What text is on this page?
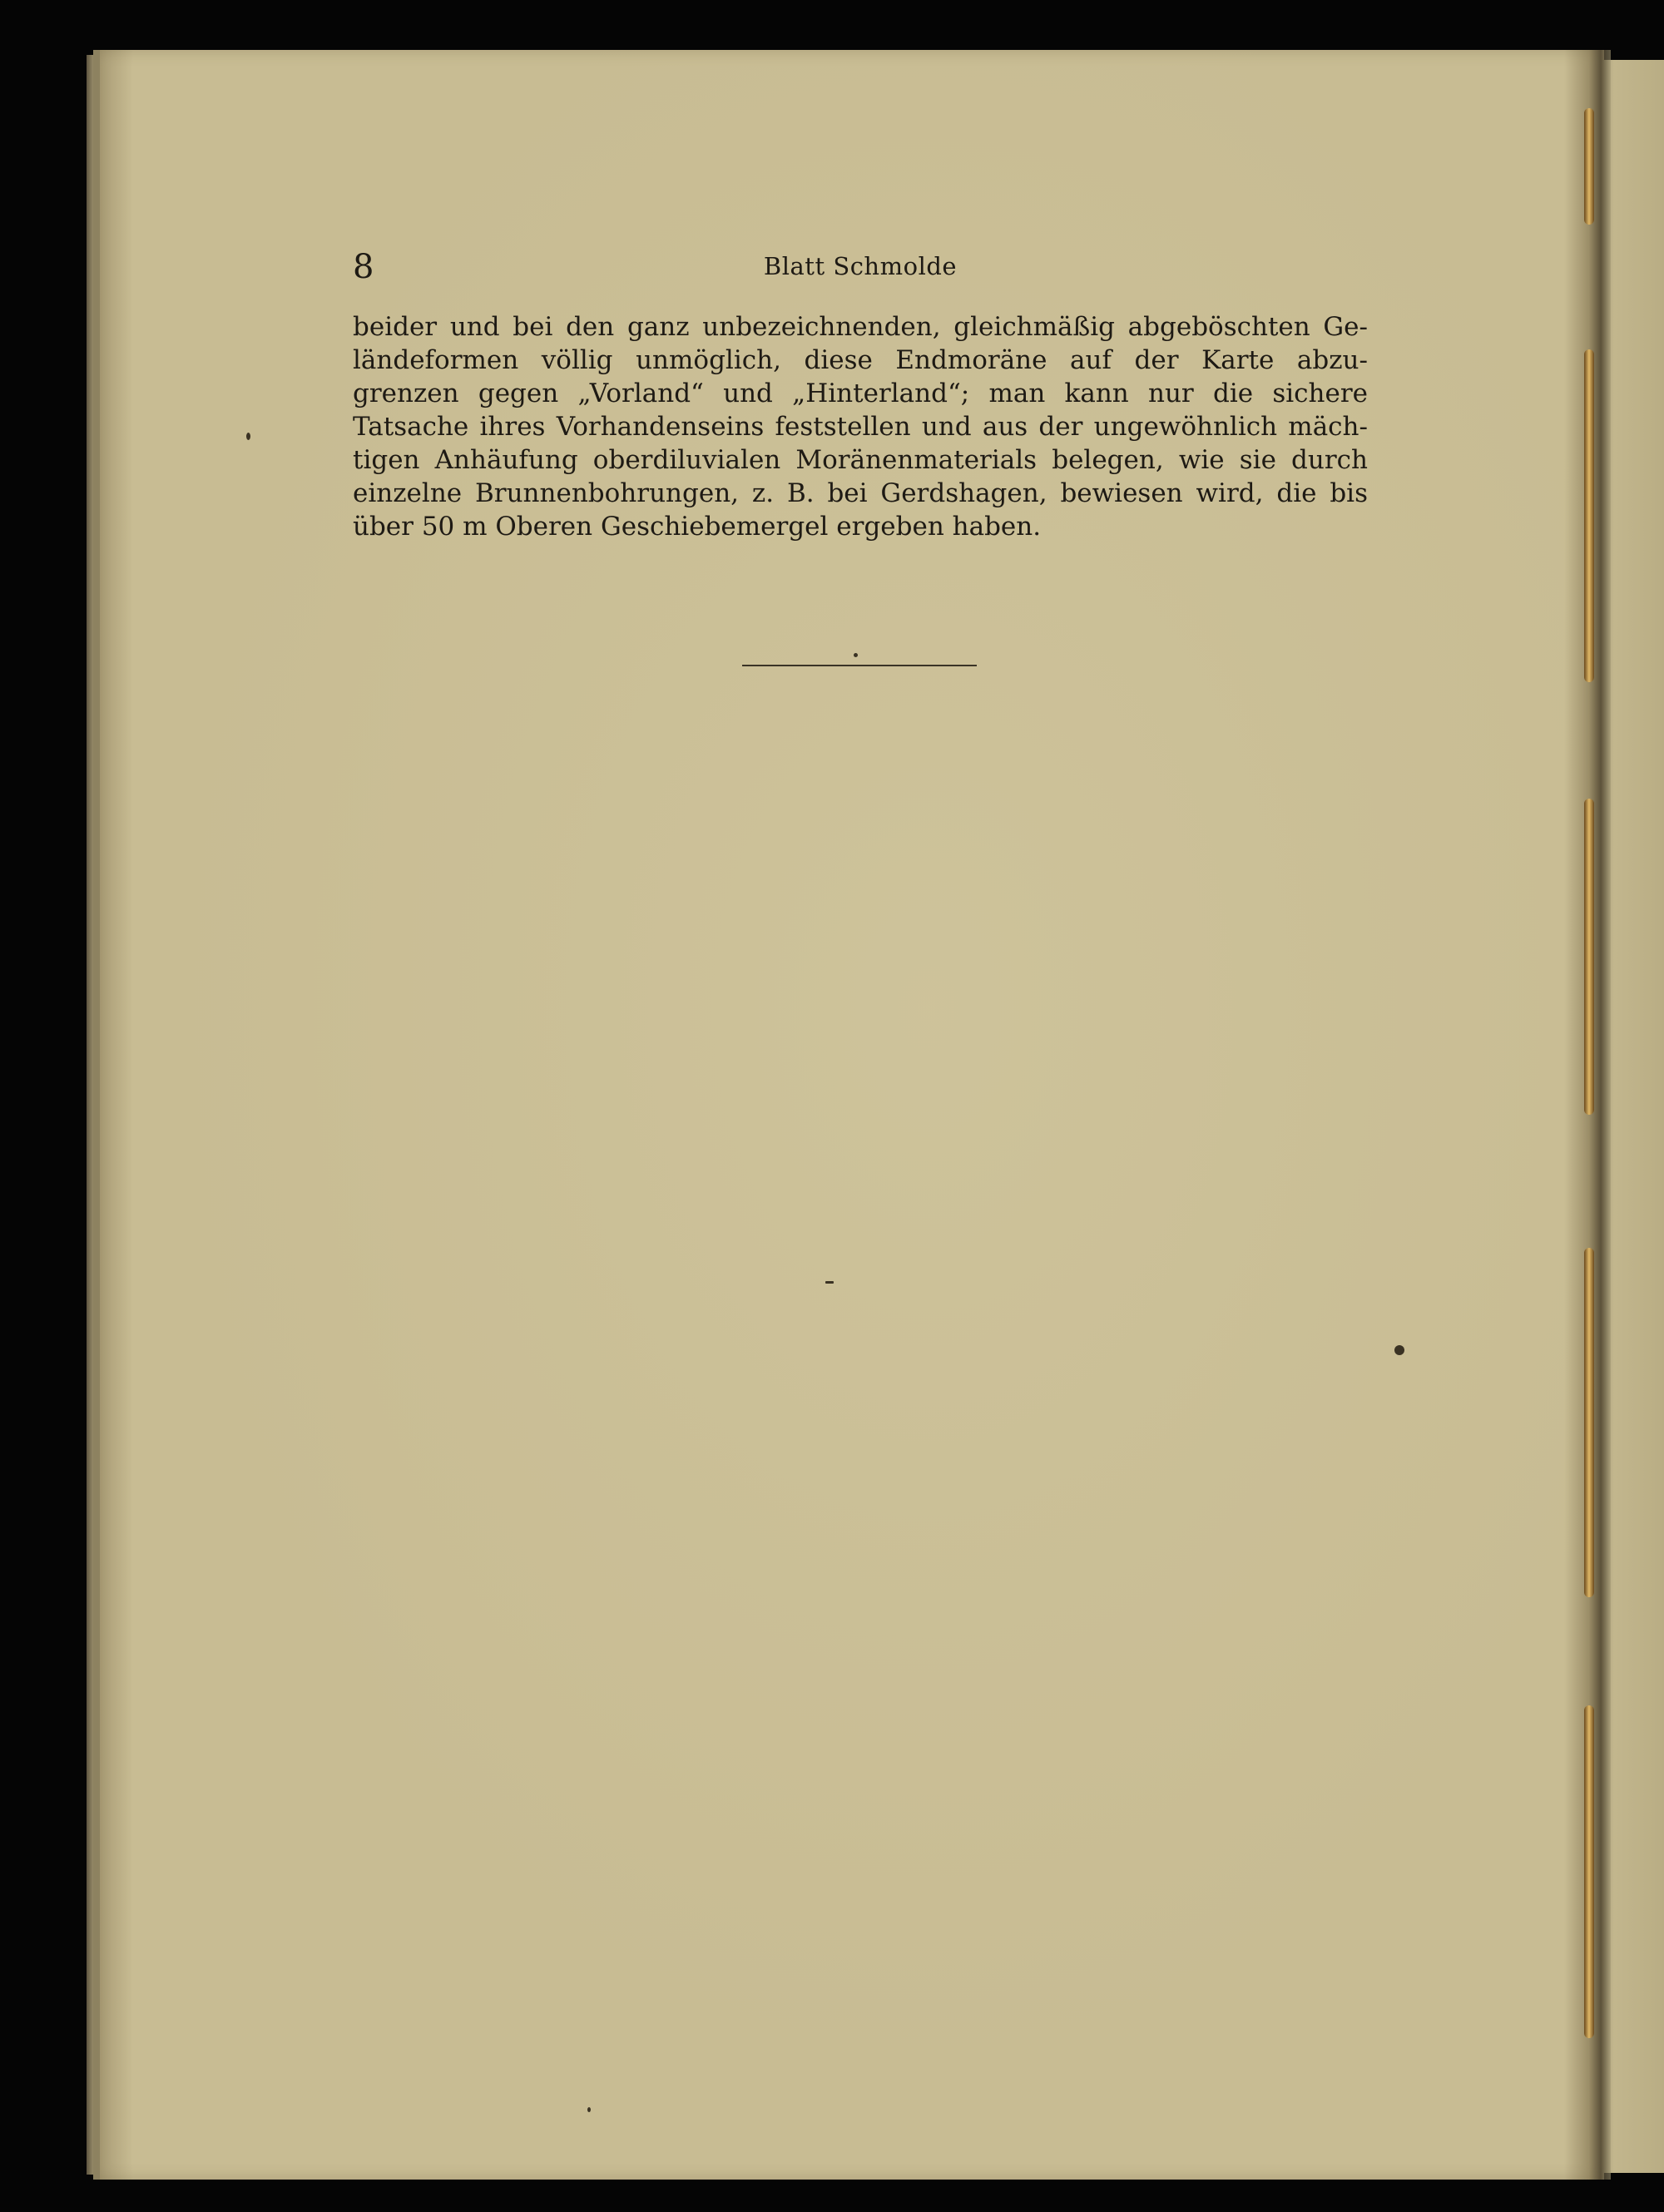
8	Blatt Schmolde
beider und bei den ganz unbezeichnenden, gleichmäßig abgeböschten Ge-
ländeformen völlig unmöglich, diese Endmoräne auf der Karte abzu-
grenzen gegen „Vorland“ und „Hinterland“; man kann nur die sichere
Tatsache ihres Vorhandenseins feststellen und aus der ungewöhnlich mäch-
tigen Anhäufung oberdiluvialen Moränenmaterials belegen, wie sie durch
einzelne Brunnenbohrungen, z. B. bei Gerdshagen, bewiesen wird, die bis
über 50 m Oberen Geschiebemergel ergeben haben.
